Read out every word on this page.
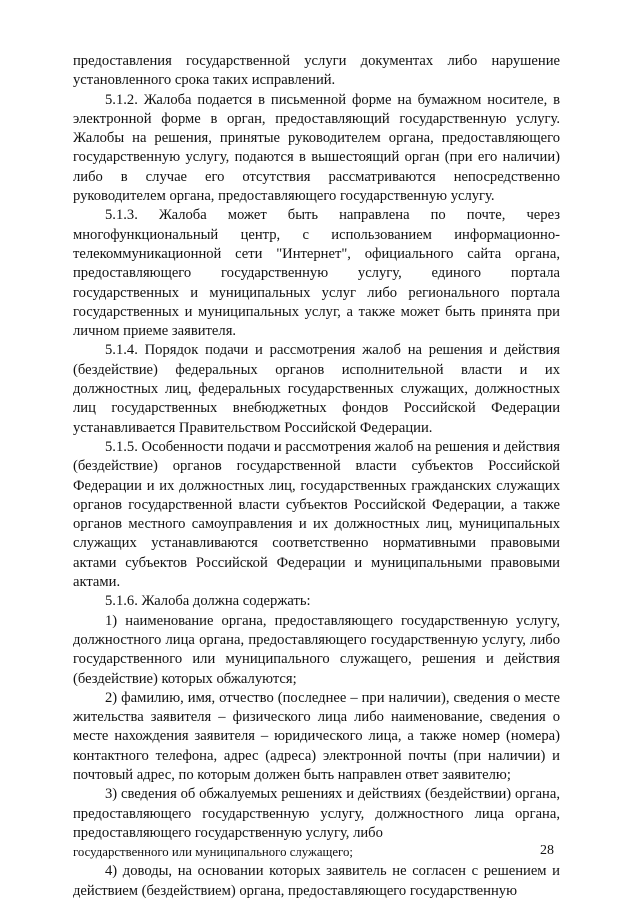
предоставления государственной услуги документах либо нарушение установленного срока таких исправлений.

5.1.2. Жалоба подается в письменной форме на бумажном носителе, в электронной форме в орган, предоставляющий государственную услугу. Жалобы на решения, принятые руководителем органа, предоставляющего государственную услугу, подаются в вышестоящий орган (при его наличии) либо в случае его отсутствия рассматриваются непосредственно руководителем органа, предоставляющего государственную услугу.

5.1.3. Жалоба может быть направлена по почте, через многофункциональный центр, с использованием информационно-телекоммуникационной сети "Интернет", официального сайта органа, предоставляющего государственную услугу, единого портала государственных и муниципальных услуг либо регионального портала государственных и муниципальных услуг, а также может быть принята при личном приеме заявителя.

5.1.4. Порядок подачи и рассмотрения жалоб на решения и действия (бездействие) федеральных органов исполнительной власти и их должностных лиц, федеральных государственных служащих, должностных лиц государственных внебюджетных фондов Российской Федерации устанавливается Правительством Российской Федерации.

5.1.5. Особенности подачи и рассмотрения жалоб на решения и действия (бездействие) органов государственной власти субъектов Российской Федерации и их должностных лиц, государственных гражданских служащих органов государственной власти субъектов Российской Федерации, а также органов местного самоуправления и их должностных лиц, муниципальных служащих устанавливаются соответственно нормативными правовыми актами субъектов Российской Федерации и муниципальными правовыми актами.

5.1.6. Жалоба должна содержать:

1) наименование органа, предоставляющего государственную услугу, должностного лица органа, предоставляющего государственную услугу, либо государственного или муниципального служащего, решения и действия (бездействие) которых обжалуются;

2) фамилию, имя, отчество (последнее – при наличии), сведения о месте жительства заявителя – физического лица либо наименование, сведения о месте нахождения заявителя – юридического лица, а также номер (номера) контактного телефона, адрес (адреса) электронной почты (при наличии) и почтовый адрес, по которым должен быть направлен ответ заявителю;

3) сведения об обжалуемых решениях и действиях (бездействии) органа, предоставляющего государственную услугу, должностного лица органа, предоставляющего государственную услугу, либо

государственного или муниципального служащего;

4) доводы, на основании которых заявитель не согласен с решением и действием (бездействием) органа, предоставляющего государственную

28
